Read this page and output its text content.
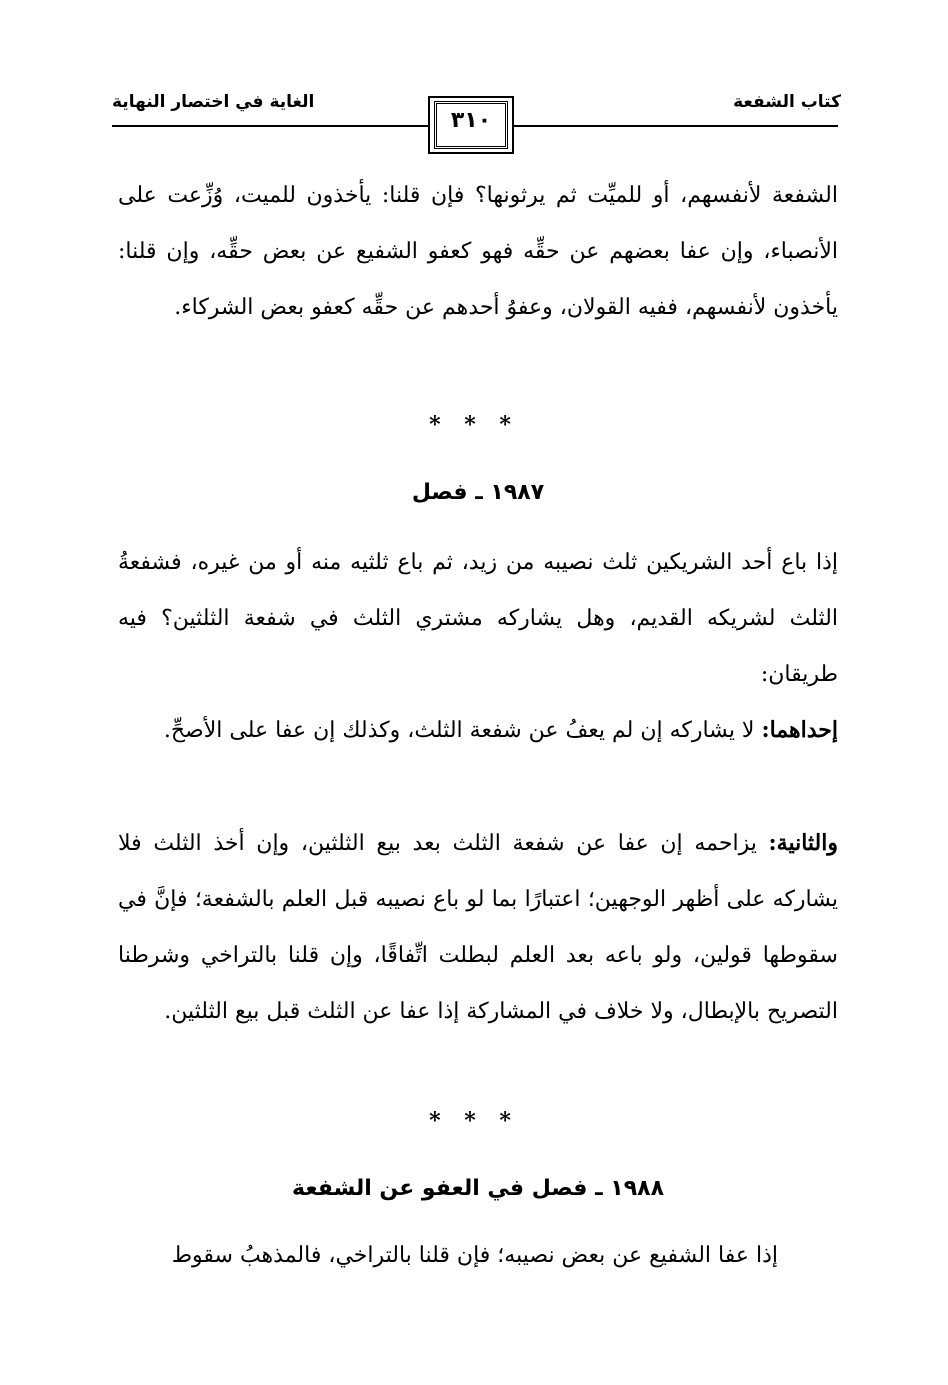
كتاب الشفعة
الغاية في اختصار النهاية
٣١٠
الشفعة لأنفسهم، أو للميِّت ثم يرثونها؟ فإن قلنا: يأخذون للميت، وُزِّعت على الأنصباء، وإن عفا بعضهم عن حقِّه فهو كعفو الشفيع عن بعض حقِّه، وإن قلنا: يأخذون لأنفسهم، ففيه القولان، وعفوُ أحدهم عن حقِّه كعفو بعض الشركاء.
* * *
١٩٨٧ ـ فصل
إذا باع أحد الشريكين ثلث نصيبه من زيد، ثم باع ثلثيه منه أو من غيره، فشفعةُ الثلث لشريكه القديم، وهل يشاركه مشتري الثلث في شفعة الثلثين؟ فيه طريقان:
إحداهما: لا يشاركه إن لم يعفُ عن شفعة الثلث، وكذلك إن عفا على الأصحِّ.
والثانية: يزاحمه إن عفا عن شفعة الثلث بعد بيع الثلثين، وإن أخذ الثلث فلا يشاركه على أظهر الوجهين؛ اعتبارًا بما لو باع نصيبه قبل العلم بالشفعة؛ فإنَّ في سقوطها قولين، ولو باعه بعد العلم لبطلت اتِّفاقًا، وإن قلنا بالتراخي وشرطنا التصريح بالإبطال، ولا خلاف في المشاركة إذا عفا عن الثلث قبل بيع الثلثين.
* * *
١٩٨٨ ـ فصل في العفو عن الشفعة
إذا عفا الشفيع عن بعض نصيبه؛ فإن قلنا بالتراخي، فالمذهبُ سقوط
